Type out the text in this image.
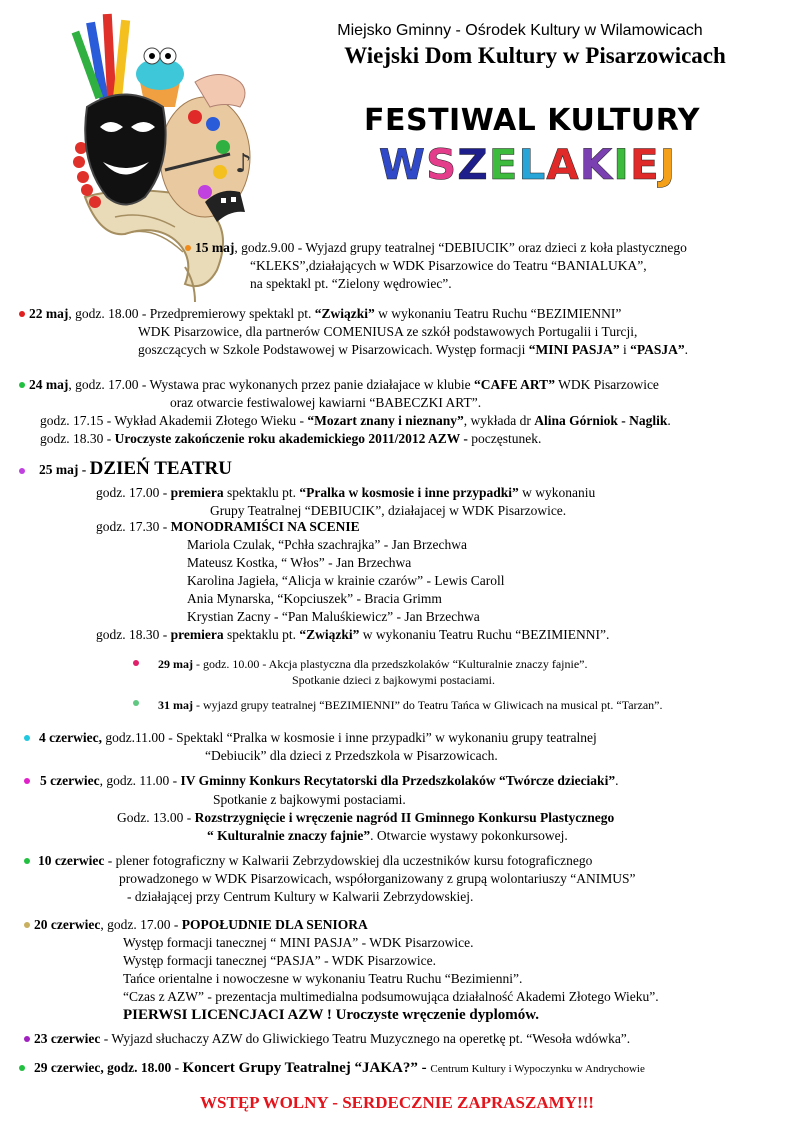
♪
Miejsko Gminny - Ośrodek Kultury w Wilamowicach
Wiejski Dom Kultury w Pisarzowicach
FESTIWAL KULTURY
WSZELAKIEJ
15 maj, godz.9.00 - Wyjazd grupy teatralnej “DEBIUCIK” oraz dzieci z koła plastycznego
“KLEKS”,działających w WDK Pisarzowice do Teatru “BANIALUKA”,
na spektakl pt. “Zielony wędrowiec”.
22 maj, godz. 18.00 - Przedpremierowy spektakl pt. “Związki” w wykonaniu Teatru Ruchu “BEZIMIENNI”
WDK Pisarzowice, dla partnerów COMENIUSA ze szkół podstawowych Portugalii i Turcji,
goszczących w Szkole Podstawowej w Pisarzowicach. Występ formacji “MINI PASJA” i “PASJA”.
24 maj, godz. 17.00 - Wystawa prac wykonanych przez panie działajace w klubie “CAFE ART” WDK Pisarzowice
oraz otwarcie festiwalowej kawiarni “BABECZKI ART”.
godz. 17.15 - Wykład Akademii Złotego Wieku - “Mozart znany i nieznany”, wykłada dr Alina Górniok - Naglik.
godz. 18.30 - Uroczyste zakończenie roku akademickiego 2011/2012 AZW - poczęstunek.
25 maj - DZIEŃ TEATRU
godz. 17.00 - premiera spektaklu pt. “Pralka w kosmosie i inne przypadki” w wykonaniu
Grupy Teatralnej “DEBIUCIK”, działajacej w WDK Pisarzowice.
godz. 17.30 - MONODRAMIŚCI NA SCENIE
Mariola Czulak, “Pchła szachrajka” - Jan Brzechwa
Mateusz Kostka, “ Włos” - Jan Brzechwa
Karolina Jagieła, “Alicja w krainie czarów” - Lewis Caroll
Ania Mynarska, “Kopciuszek” - Bracia Grimm
Krystian Zacny - “Pan Maluśkiewicz” - Jan Brzechwa
godz. 18.30 - premiera spektaklu pt. “Związki” w wykonaniu Teatru Ruchu “BEZIMIENNI”.
29 maj - godz. 10.00 - Akcja plastyczna dla przedszkolaków “Kulturalnie znaczy fajnie”.
Spotkanie dzieci z bajkowymi postaciami.
31 maj - wyjazd grupy teatralnej “BEZIMIENNI” do Teatru Tańca w Gliwicach na musical pt. “Tarzan”.
4 czerwiec, godz.11.00 - Spektakl “Pralka w kosmosie i inne przypadki” w wykonaniu grupy teatralnej
“Debiucik” dla dzieci z Przedszkola w Pisarzowicach.
5 czerwiec, godz. 11.00 - IV Gminny Konkurs Recytatorski dla Przedszkolaków “Twórcze dzieciaki”.
Spotkanie z bajkowymi postaciami.
Godz. 13.00 - Rozstrzygnięcie i wręczenie nagród II Gminnego Konkursu Plastycznego
“ Kulturalnie znaczy fajnie”. Otwarcie wystawy pokonkursowej.
10 czerwiec - plener fotograficzny w Kalwarii Zebrzydowskiej dla uczestników kursu fotograficznego
prowadzonego w WDK Pisarzowicach, współorganizowany z grupą wolontariuszy “ANIMUS”
- działającej przy Centrum Kultury w Kalwarii Zebrzydowskiej.
20 czerwiec, godz. 17.00 - POPOŁUDNIE DLA SENIORA
Występ formacji tanecznej “ MINI PASJA” - WDK Pisarzowice.
Występ formacji tanecznej “PASJA” - WDK Pisarzowice.
Tańce orientalne i nowoczesne w wykonaniu Teatru Ruchu “Bezimienni”.
“Czas z AZW” - prezentacja multimedialna podsumowująca działalność Akademi Złotego Wieku”.
PIERWSI LICENCJACI AZW ! Uroczyste wręczenie dyplomów.
23 czerwiec - Wyjazd słuchaczy AZW do Gliwickiego Teatru Muzycznego na operetkę pt. “Wesoła wdówka”.
29 czerwiec, godz. 18.00 - Koncert Grupy Teatralnej “JAKA?” - Centrum Kultury i Wypoczynku w Andrychowie
WSTĘP WOLNY - SERDECZNIE ZAPRASZAMY!!!
